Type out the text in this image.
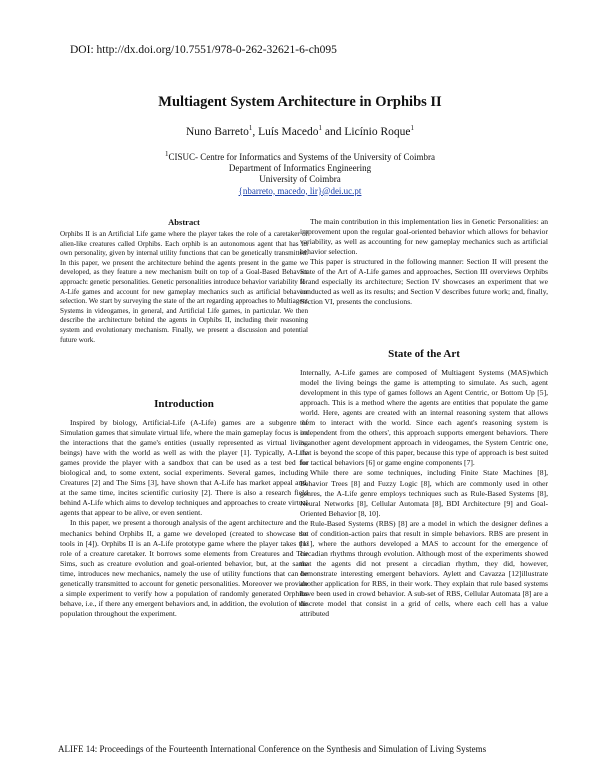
DOI: http://dx.doi.org/10.7551/978-0-262-32621-6-ch095
Multiagent System Architecture in Orphibs II
Nuno Barreto$^1$, Luís Macedo$^1$ and Licínio Roque$^1$
$^1$CISUC- Centre for Informatics and Systems of the University of Coimbra
Department of Informatics Engineering
University of Coimbra
{nbarreto, macedo, lir}@dei.uc.pt
Abstract

Orphibs II is an Artificial Life game where the player takes the role of a caretaker of alien-like creatures called Orphibs. Each orphib is an autonomous agent that has its own personality, given by internal utility functions that can be genetically transmitted. In this paper, we present the architecture behind the agents present in the game we developed, as they feature a new mechanism built on top of a Goal-Based Behavior approach: genetic personalities. Genetic personalities introduce behavior variability for A-Life games and account for new gameplay mechanics such as artificial behavior selection. We start by surveying the state of the art regarding approaches to Multiagent Systems in videogames, in general, and Artificial Life games, in particular. We then describe the architecture behind the agents in Orphibs II, including their reasoning system and evolutionary mechanism. Finally, we present a discussion and potential future work.

Introduction

Inspired by biology, Artificial-Life (A-Life) games are a subgenre of Simulation games that simulate virtual life, where the main gameplay focus is on the interactions that the game's entities (usually represented as virtual living beings) have with the world as well as with the player [1]. Typically, A-Life games provide the player with a sandbox that can be used as a test bed for biological and, to some extent, social experiments. Several games, including Creatures [2] and The Sims [3], have shown that A-Life has market appeal and, at the same time, incites scientific curiosity [2]. There is also a research field behind A-Life which aims to develop techniques and approaches to create virtual agents that appear to be alive, or even sentient.

In this paper, we present a thorough analysis of the agent architecture and the mechanics behind Orphibs II, a game we developed (created to showcase the tools in [4]). Orphibs II is an A-Life prototype game where the player takes the role of a creature caretaker. It borrows some elements from Creatures and The Sims, such as creature evolution and goal-oriented behavior, but, at the same time, introduces new mechanics, namely the use of utility functions that can be genetically transmitted to account for genetic personalities. Moreover we provide a simple experiment to verify how a population of randomly generated Orphibs behave, i.e., if there any emergent behaviors and, in addition, the evolution of the population throughout the experiment.

The main contribution in this implementation lies in Genetic Personalities: an improvement upon the regular goal-oriented behavior which allows for behavior variability, as well as accounting for new gameplay mechanics such as artificial behavior selection.

This paper is structured in the following manner: Section II will present the State of the Art of A-Life games and approaches, Section III overviews Orphibs II and especially its architecture; Section IV showcases an experiment that we conducted as well as its results; and Section V describes future work; and, finally, Section VI, presents the conclusions.

State of the Art

Internally, A-Life games are composed of Multiagent Systems (MAS)which model the living beings the game is attempting to simulate. As such, agent development in this type of games follows an Agent Centric, or Bottom Up [5], approach. This is a method where the agents are entities that populate the game world. Here, agents are created with an internal reasoning system that allows them to interact with the world. Since each agent's reasoning system is independent from the others', this approach supports emergent behaviors. There is another agent development approach in videogames, the System Centric one, that is beyond the scope of this paper, because this type of approach is best suited for tactical behaviors [6] or game engine components [7].

While there are some techniques, including Finite State Machines [8], Behavior Trees [8] and Fuzzy Logic [8], which are commonly used in other genres, the A-Life genre employs techniques such as Rule-Based Systems [8], Neural Networks [8], Cellular Automata [8], BDI Architecture [9] and Goal-Oriented Behavior [8, 10].

Rule-Based Systems (RBS) [8] are a model in which the designer defines a set of condition-action pairs that result in simple behaviors. RBS are present in [11], where the authors developed a MAS to account for the emergence of circadian rhythms through evolution. Although most of the experiments showed that the agents did not present a circadian rhythm, they did, however, demonstrate interesting emergent behaviors. Aylett and Cavazza [12]illustrate another application for RBS, in their work. They explain that rule based systems have been used in crowd behavior. A sub-set of RBS, Cellular Automata [8] are a discrete model that consist in a grid of cells, where each cell has a value attributed

ALIFE 14: Proceedings of the Fourteenth International Conference on the Synthesis and Simulation of Living Systems
